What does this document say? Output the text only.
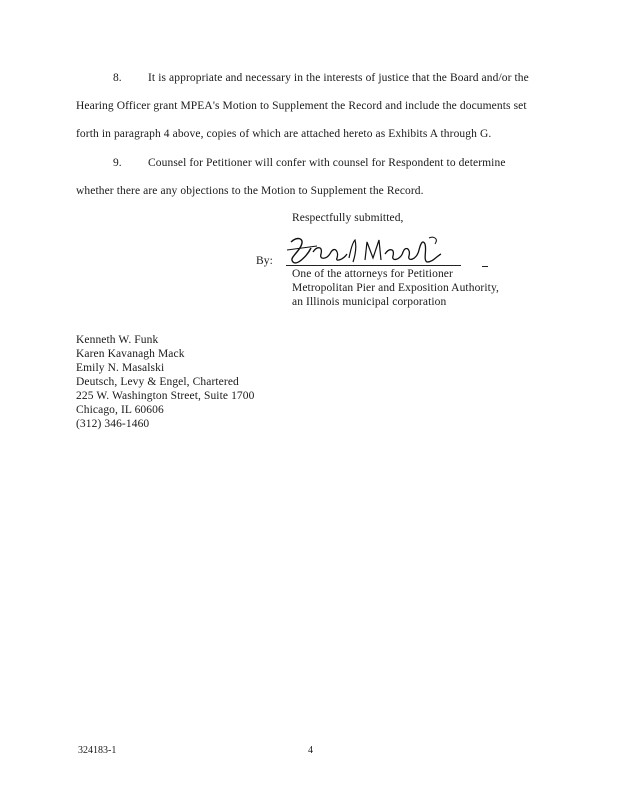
8. It is appropriate and necessary in the interests of justice that the Board and/or the
Hearing Officer grant MPEA's Motion to Supplement the Record and include the documents set
forth in paragraph 4 above, copies of which are attached hereto as Exhibits A through G.
9. Counsel for Petitioner will confer with counsel for Respondent to determine
whether there are any objections to the Motion to Supplement the Record.
Respectfully submitted,
By:
One of the attorneys for Petitioner
Metropolitan Pier and Exposition Authority,
an Illinois municipal corporation
Kenneth W. Funk
Karen Kavanagh Mack
Emily N. Masalski
Deutsch, Levy & Engel, Chartered
225 W. Washington Street, Suite 1700
Chicago, IL 60606
(312) 346-1460
324183-1	4
